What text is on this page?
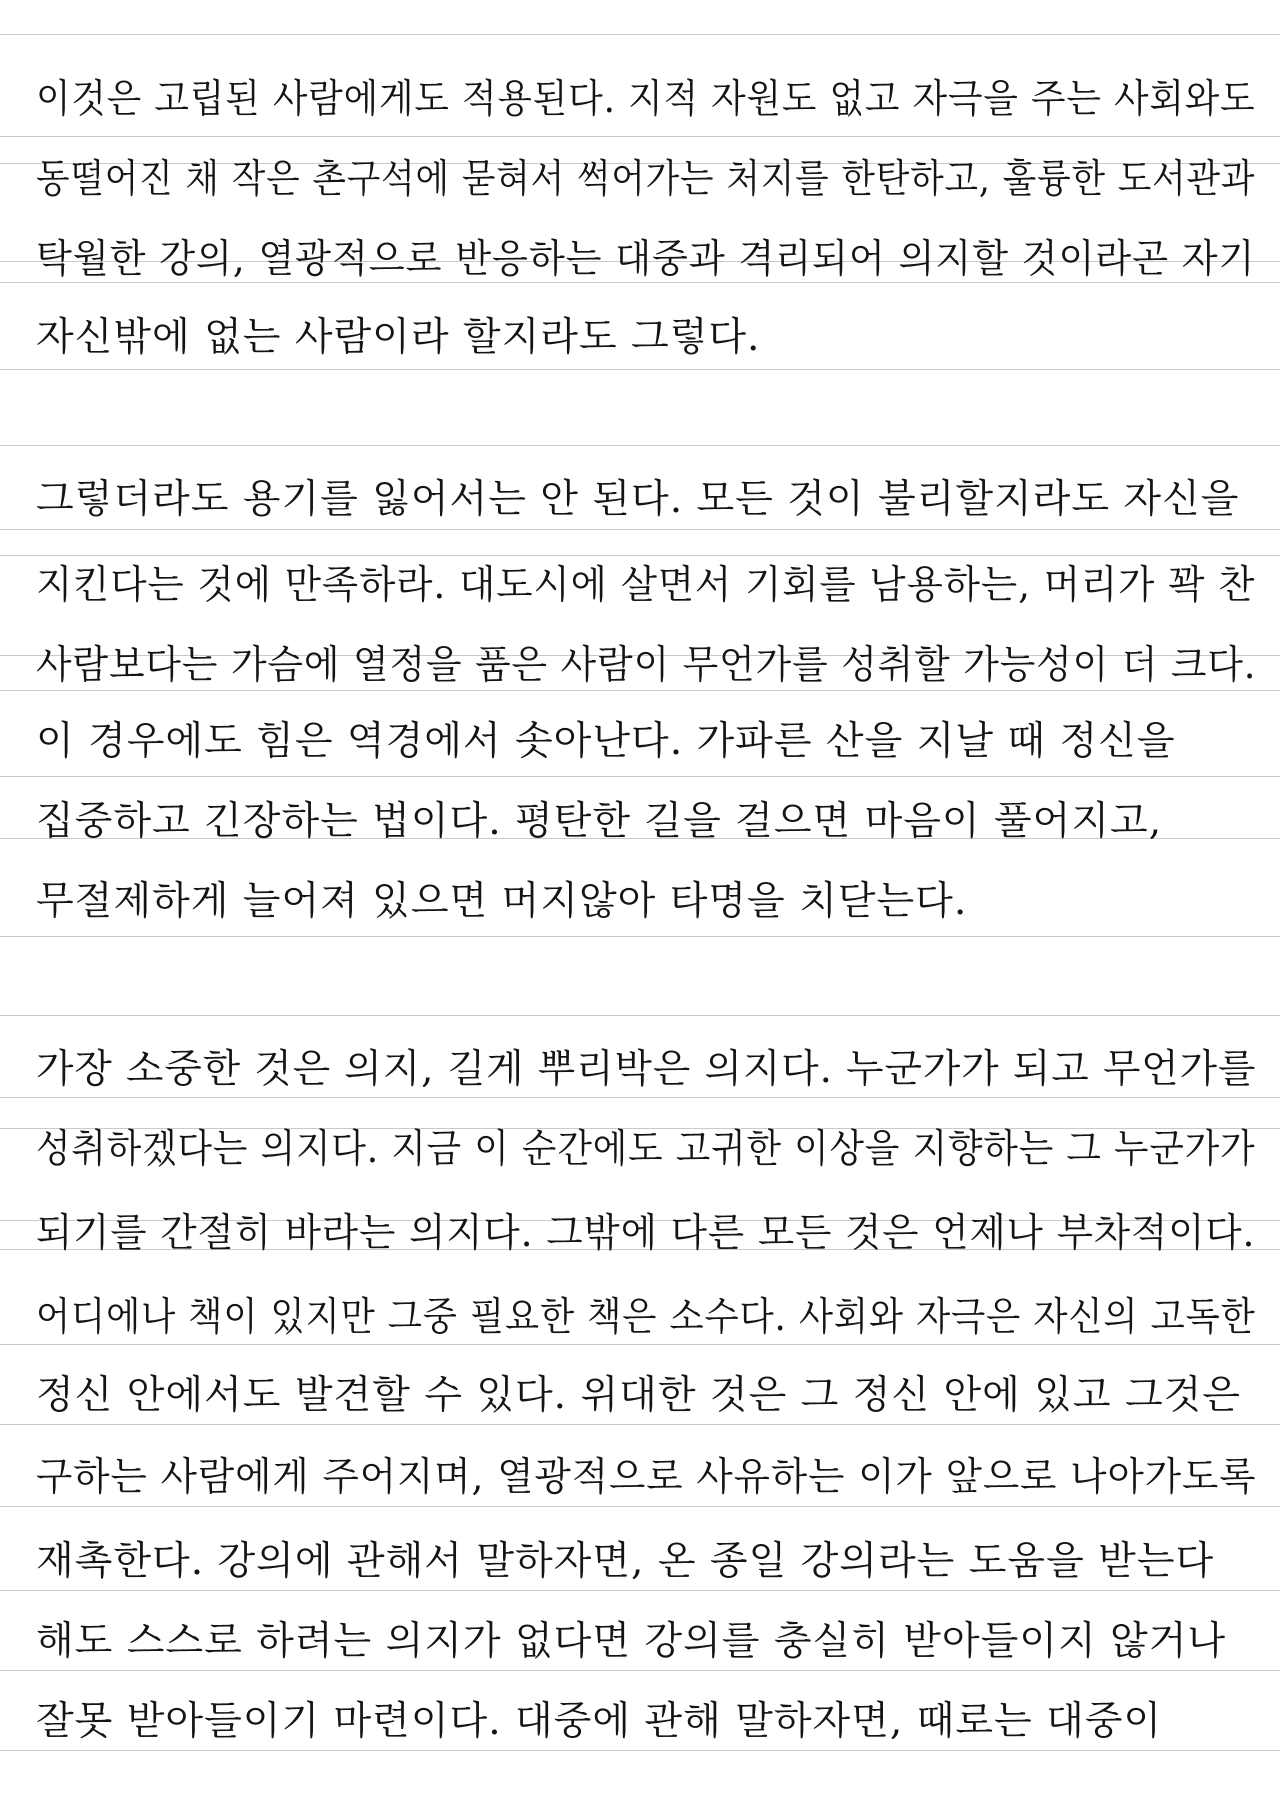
이것은 고립된 사람에게도 적용된다. 지적 자원도 없고 자극을 주는 사회와도
동떨어진 채 작은 촌구석에 묻혀서 썩어가는 처지를 한탄하고, 훌륭한 도서관과
탁월한 강의, 열광적으로 반응하는 대중과 격리되어 의지할 것이라곤 자기
자신밖에 없는 사람이라 할지라도 그렇다.
그렇더라도 용기를 잃어서는 안 된다. 모든 것이 불리할지라도 자신을
지킨다는 것에 만족하라. 대도시에 살면서 기회를 남용하는, 머리가 꽉 찬
사람보다는 가슴에 열정을 품은 사람이 무언가를 성취할 가능성이 더 크다.
이 경우에도 힘은 역경에서 솟아난다. 가파른 산을 지날 때 정신을
집중하고 긴장하는 법이다. 평탄한 길을 걸으면 마음이 풀어지고,
무절제하게 늘어져 있으면 머지않아 타명을 치닫는다.
가장 소중한 것은 의지, 길게 뿌리박은 의지다. 누군가가 되고 무언가를
성취하겠다는 의지다. 지금 이 순간에도 고귀한 이상을 지향하는 그 누군가가
되기를 간절히 바라는 의지다. 그밖에 다른 모든 것은 언제나 부차적이다.
어디에나 책이 있지만 그중 필요한 책은 소수다. 사회와 자극은 자신의 고독한
정신 안에서도 발견할 수 있다. 위대한 것은 그 정신 안에 있고 그것은
구하는 사람에게 주어지며, 열광적으로 사유하는 이가 앞으로 나아가도록
재촉한다. 강의에 관해서 말하자면, 온 종일 강의라는 도움을 받는다
해도 스스로 하려는 의지가 없다면 강의를 충실히 받아들이지 않거나
잘못 받아들이기 마련이다. 대중에 관해 말하자면, 때로는 대중이
